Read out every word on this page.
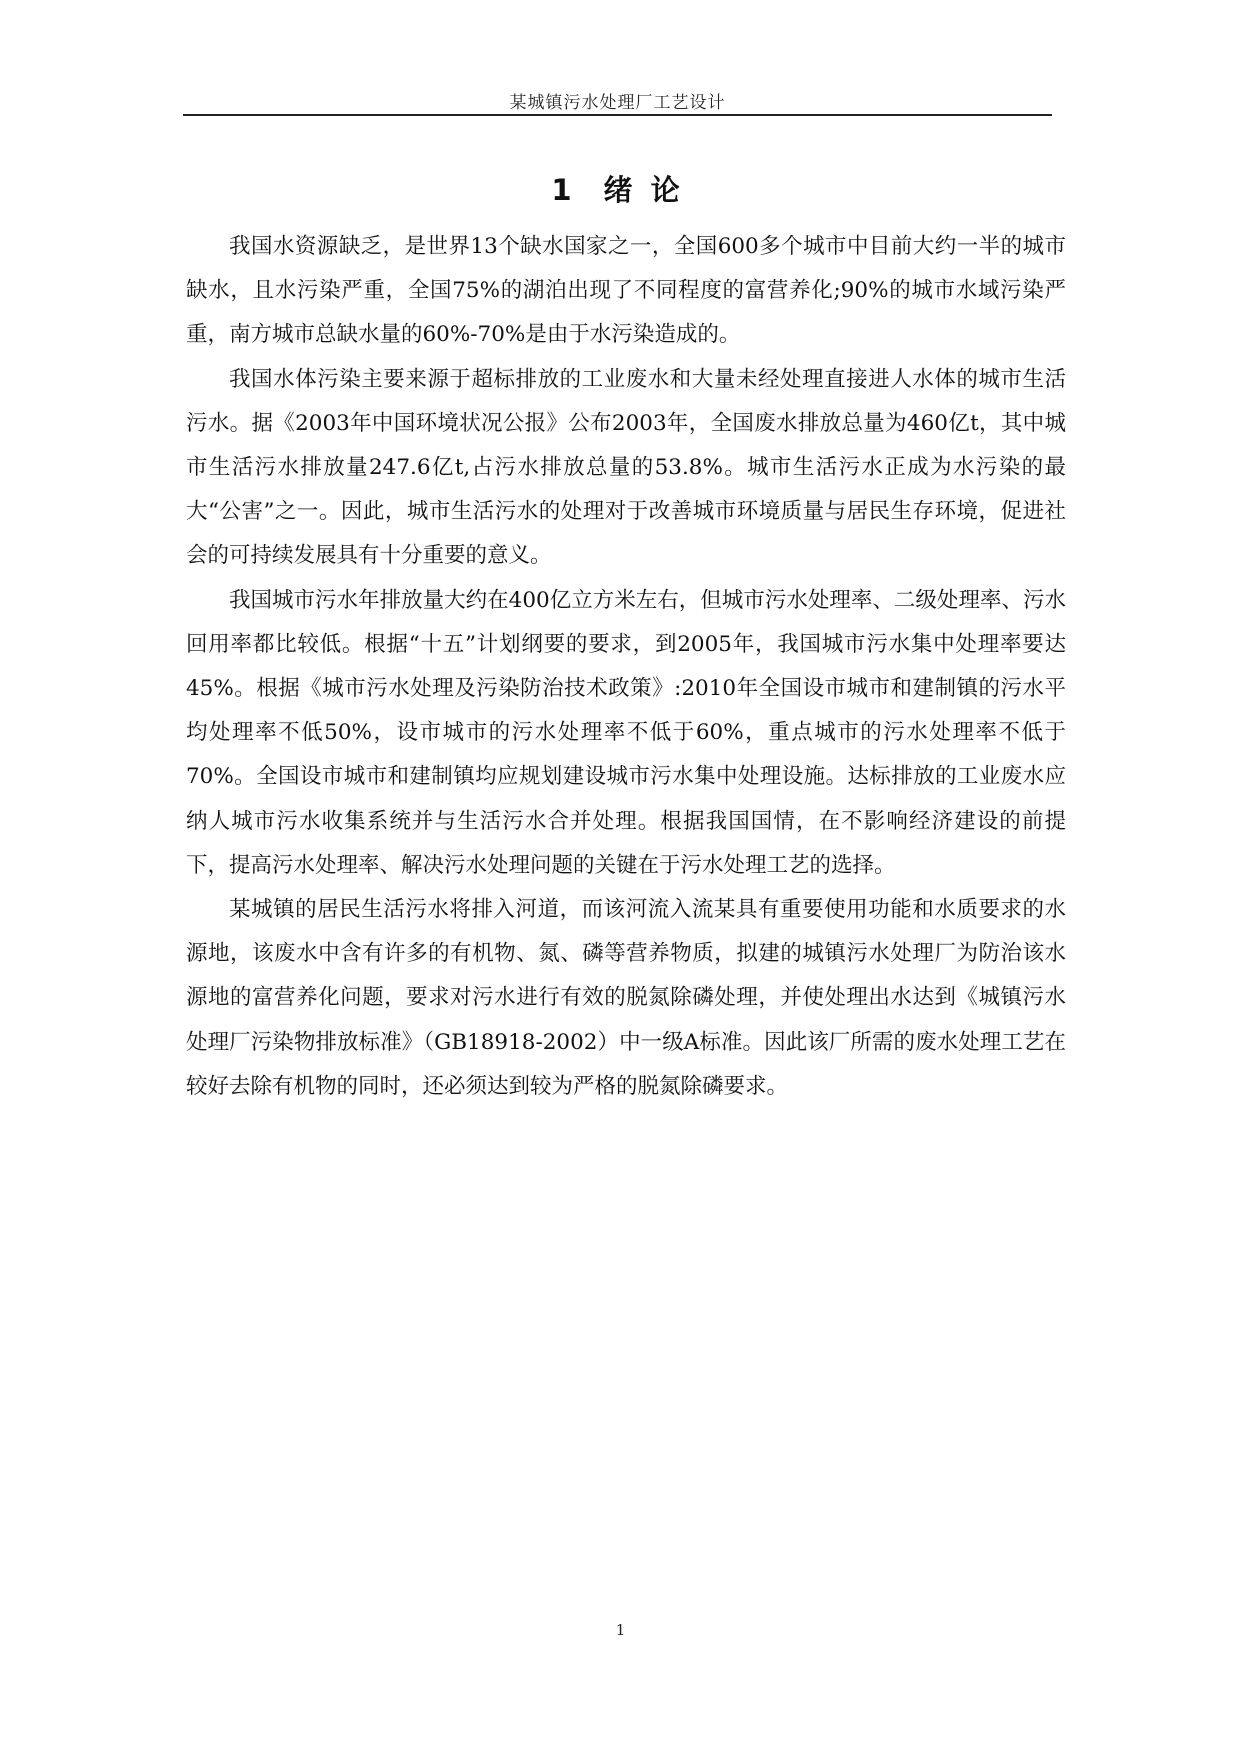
某城镇污水处理厂工艺设计
1 绪 论

我国水资源缺乏，是世界13个缺水国家之一，全国600多个城市中目前大约一半的城市缺水，且水污染严重，全国75%的湖泊出现了不同程度的富营养化;90%的城市水域污染严重，南方城市总缺水量的60%-70%是由于水污染造成的。

我国水体污染主要来源于超标排放的工业废水和大量未经处理直接进人水体的城市生活污水。据《2003年中国环境状况公报》公布2003年，全国废水排放总量为460亿t，其中城市生活污水排放量247.6亿t,占污水排放总量的53.8%。城市生活污水正成为水污染的最大“公害”之一。因此，城市生活污水的处理对于改善城市环境质量与居民生存环境，促进社会的可持续发展具有十分重要的意义。

我国城市污水年排放量大约在400亿立方米左右，但城市污水处理率、二级处理率、污水回用率都比较低。根据“十五”计划纲要的要求，到2005年，我国城市污水集中处理率要达45%。根据《城市污水处理及污染防治技术政策》:2010年全国设市城市和建制镇的污水平均处理率不低50%，设市城市的污水处理率不低于60%，重点城市的污水处理率不低于70%。全国设市城市和建制镇均应规划建设城市污水集中处理设施。达标排放的工业废水应纳人城市污水收集系统并与生活污水合并处理。根据我国国情，在不影响经济建设的前提下，提高污水处理率、解决污水处理问题的关键在于污水处理工艺的选择。

某城镇的居民生活污水将排入河道，而该河流入流某具有重要使用功能和水质要求的水源地，该废水中含有许多的有机物、氮、磷等营养物质，拟建的城镇污水处理厂为防治该水源地的富营养化问题，要求对污水进行有效的脱氮除磷处理，并使处理出水达到《城镇污水处理厂污染物排放标准》（GB18918-2002）中一级A标准。因此该厂所需的废水处理工艺在较好去除有机物的同时，还必须达到较为严格的脱氮除磷要求。

1
